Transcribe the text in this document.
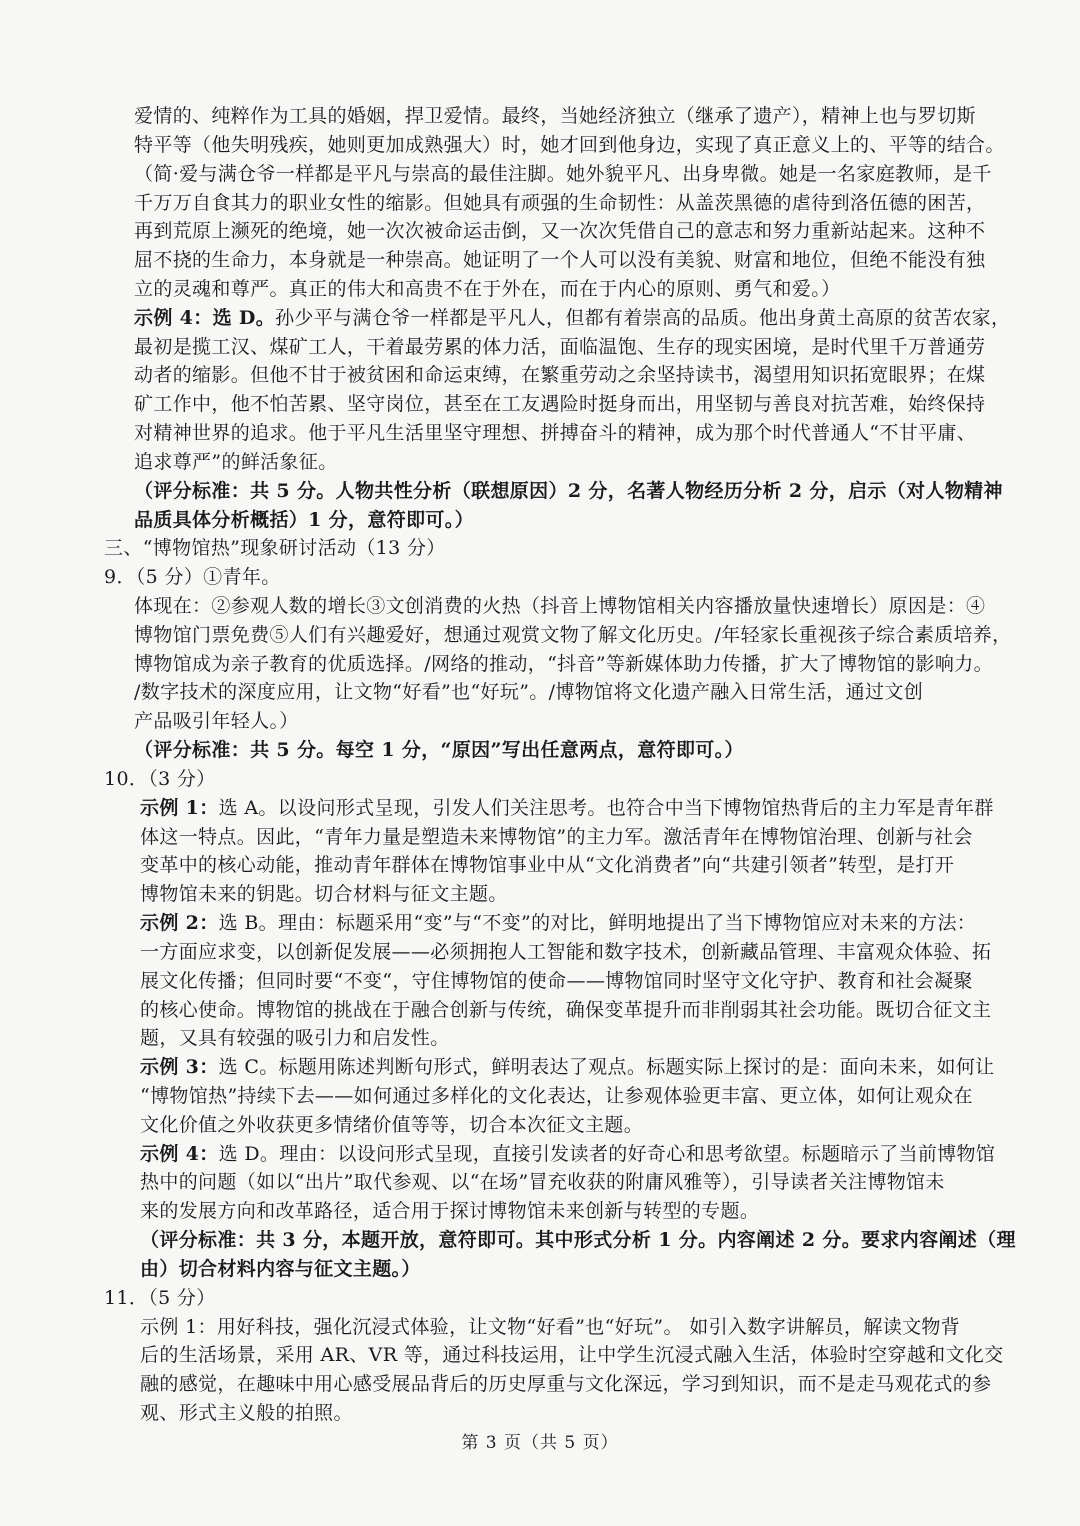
爱情的、纯粹作为工具的婚姻，捍卫爱情。最终，当她经济独立（继承了遗产），精神上也与罗切斯
特平等（他失明残疾，她则更加成熟强大）时，她才回到他身边，实现了真正意义上的、平等的结合。
（简·爱与满仓爷一样都是平凡与崇高的最佳注脚。她外貌平凡、出身卑微。她是一名家庭教师，是千
千万万自食其力的职业女性的缩影。但她具有顽强的生命韧性：从盖茨黑德的虐待到洛伍德的困苦，
再到荒原上濒死的绝境，她一次次被命运击倒，又一次次凭借自己的意志和努力重新站起来。这种不
屈不挠的生命力，本身就是一种崇高。她证明了一个人可以没有美貌、财富和地位，但绝不能没有独
立的灵魂和尊严。真正的伟大和高贵不在于外在，而在于内心的原则、勇气和爱。）
示例 4：选 D。孙少平与满仓爷一样都是平凡人，但都有着崇高的品质。他出身黄土高原的贫苦农家，
最初是揽工汉、煤矿工人，干着最劳累的体力活，面临温饱、生存的现实困境，是时代里千万普通劳
动者的缩影。但他不甘于被贫困和命运束缚，在繁重劳动之余坚持读书，渴望用知识拓宽眼界；在煤
矿工作中，他不怕苦累、坚守岗位，甚至在工友遇险时挺身而出，用坚韧与善良对抗苦难，始终保持
对精神世界的追求。他于平凡生活里坚守理想、拼搏奋斗的精神，成为那个时代普通人“不甘平庸、
追求尊严”的鲜活象征。
（评分标准：共 5 分。人物共性分析（联想原因）2 分，名著人物经历分析 2 分，启示（对人物精神
品质具体分析概括）1 分，意符即可。）
三、“博物馆热”现象研讨活动（13 分）
9．（5 分）①青年。
体现在：②参观人数的增长③文创消费的火热（抖音上博物馆相关内容播放量快速增长）原因是：④
博物馆门票免费⑤人们有兴趣爱好，想通过观赏文物了解文化历史。/年轻家长重视孩子综合素质培养，
博物馆成为亲子教育的优质选择。/网络的推动，“抖音”等新媒体助力传播，扩大了博物馆的影响力。
/数字技术的深度应用，让文物“好看”也“好玩”。/博物馆将文化遗产融入日常生活，通过文创
产品吸引年轻人。）
（评分标准：共 5 分。每空 1 分，“原因”写出任意两点，意符即可。）
10．（3 分）
示例 1：选 A。以设问形式呈现，引发人们关注思考。也符合中当下博物馆热背后的主力军是青年群
体这一特点。因此，“青年力量是塑造未来博物馆”的主力军。激活青年在博物馆治理、创新与社会
变革中的核心动能，推动青年群体在博物馆事业中从“文化消费者”向“共建引领者”转型，是打开
博物馆未来的钥匙。切合材料与征文主题。
示例 2：选 B。理由：标题采用“变”与“不变”的对比，鲜明地提出了当下博物馆应对未来的方法：
一方面应求变，以创新促发展——必须拥抱人工智能和数字技术，创新藏品管理、丰富观众体验、拓
展文化传播；但同时要“不变“，守住博物馆的使命——博物馆同时坚守文化守护、教育和社会凝聚
的核心使命。博物馆的挑战在于融合创新与传统，确保变革提升而非削弱其社会功能。既切合征文主
题，又具有较强的吸引力和启发性。
示例 3：选 C。标题用陈述判断句形式，鲜明表达了观点。标题实际上探讨的是：面向未来，如何让
“博物馆热”持续下去——如何通过多样化的文化表达，让参观体验更丰富、更立体，如何让观众在
文化价值之外收获更多情绪价值等等，切合本次征文主题。
示例 4：选 D。理由：以设问形式呈现，直接引发读者的好奇心和思考欲望。标题暗示了当前博物馆
热中的问题（如以“出片”取代参观、以“在场”冒充收获的附庸风雅等），引导读者关注博物馆未
来的发展方向和改革路径，适合用于探讨博物馆未来创新与转型的专题。
（评分标准：共 3 分，本题开放，意符即可。其中形式分析 1 分。内容阐述 2 分。要求内容阐述（理
由）切合材料内容与征文主题。）
第 3 页（共 5 页）
11．（5 分）
示例 1：用好科技，强化沉浸式体验，让文物“好看”也“好玩”。 如引入数字讲解员，解读文物背
后的生活场景，采用 AR、VR 等，通过科技运用，让中学生沉浸式融入生活，体验时空穿越和文化交
融的感觉，在趣味中用心感受展品背后的历史厚重与文化深远，学习到知识，而不是走马观花式的参
观、形式主义般的拍照。
